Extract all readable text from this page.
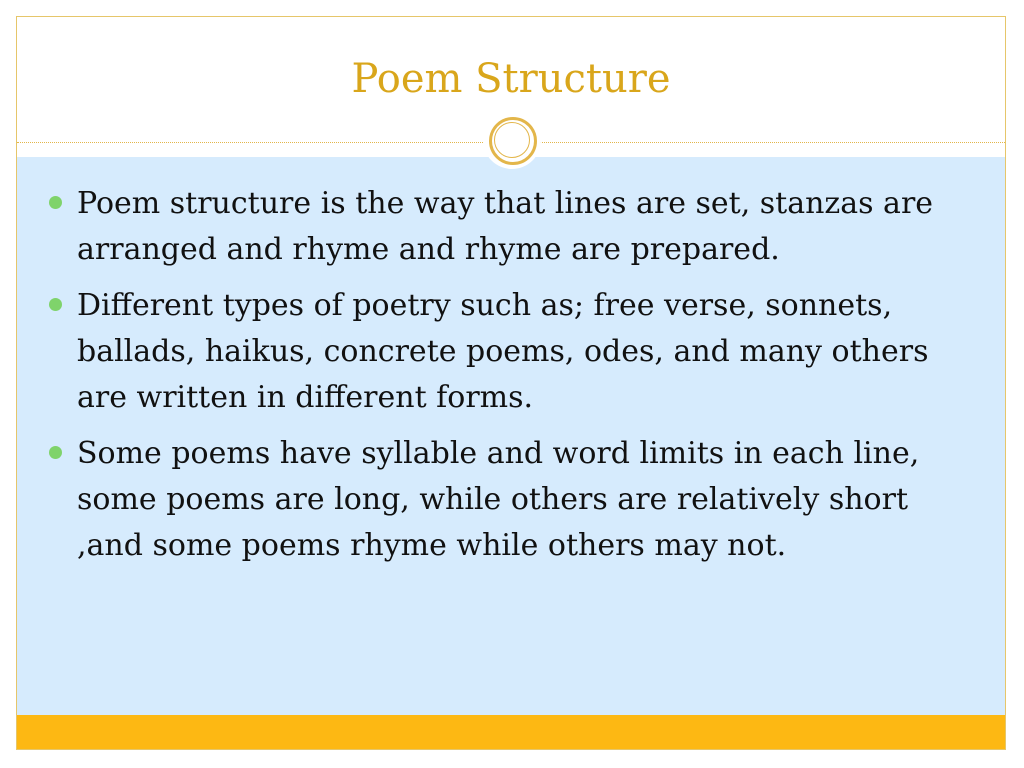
Poem Structure
Poem structure is the way that lines are set, stanzas are arranged and rhyme and rhyme are prepared.
Different types of poetry such as; free verse, sonnets, ballads, haikus, concrete poems, odes, and many others are written in different forms.
Some poems have syllable and word limits in each line, some poems are long, while others are relatively short ,and some poems rhyme while others may not.
